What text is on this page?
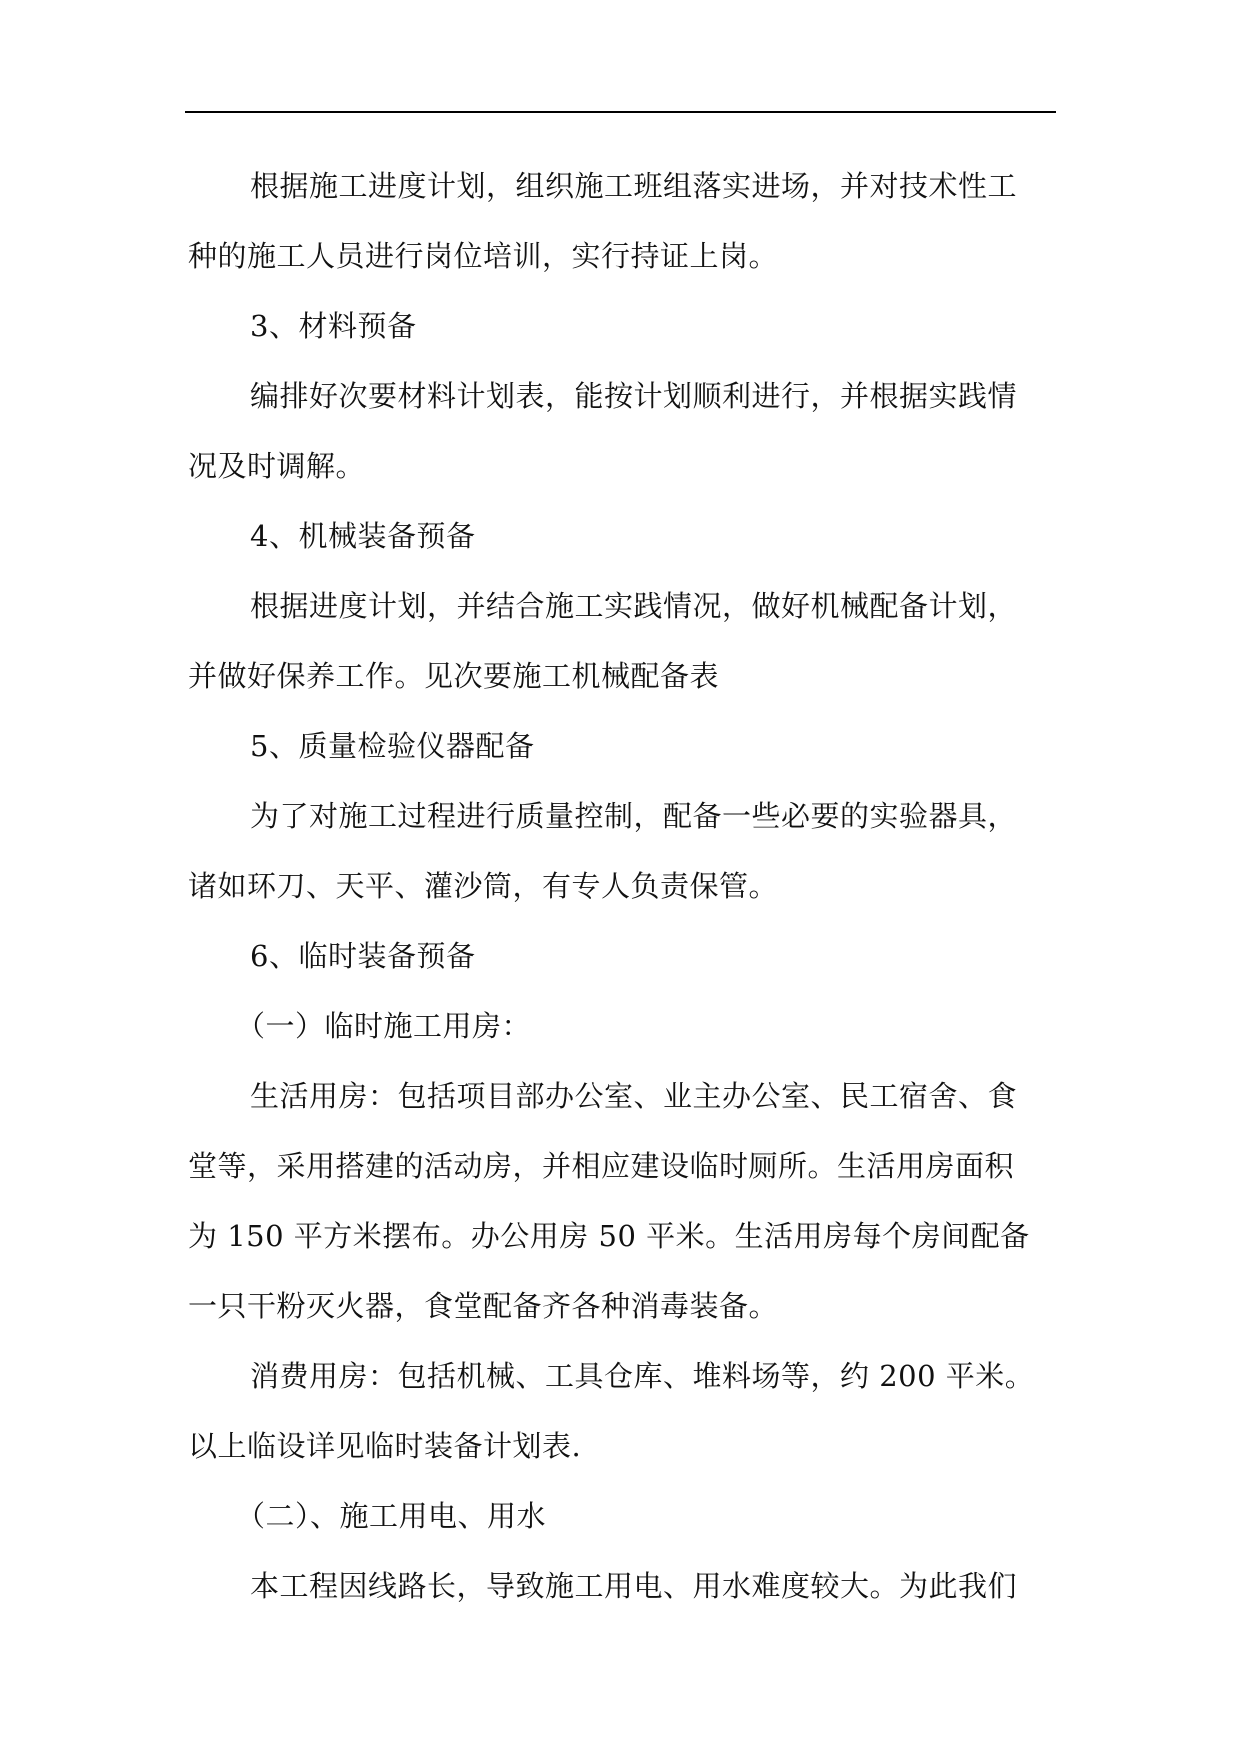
根据施工进度计划，组织施工班组落实进场，并对技术性工
种的施工人员进行岗位培训，实行持证上岗。
3、材料预备
编排好次要材料计划表，能按计划顺利进行，并根据实践情
况及时调解。
4、机械装备预备
根据进度计划，并结合施工实践情况，做好机械配备计划，
并做好保养工作。见次要施工机械配备表
5、质量检验仪器配备
为了对施工过程进行质量控制，配备一些必要的实验器具，
诸如环刀、天平、灌沙筒，有专人负责保管。
6、临时装备预备
（一）临时施工用房：
生活用房：包括项目部办公室、业主办公室、民工宿舍、食
堂等，采用搭建的活动房，并相应建设临时厕所。生活用房面积
为 150 平方米摆布。办公用房 50 平米。生活用房每个房间配备
一只干粉灭火器，食堂配备齐各种消毒装备。
消费用房：包括机械、工具仓库、堆料场等，约 200 平米。
以上临设详见临时装备计划表.
（二）、施工用电、用水
本工程因线路长，导致施工用电、用水难度较大。为此我们
